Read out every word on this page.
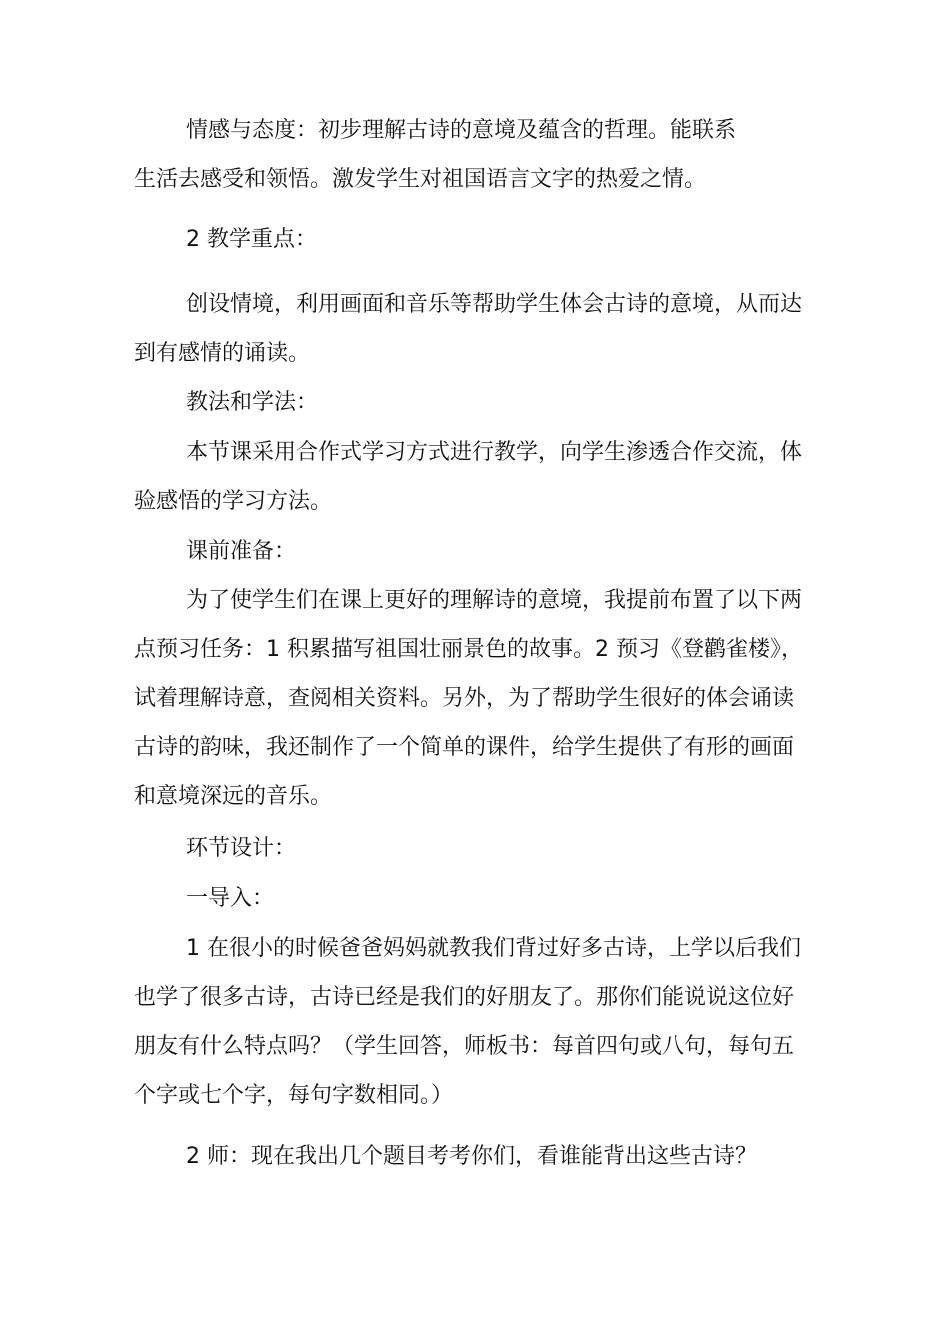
情感与态度：初步理解古诗的意境及蕴含的哲理。能联系
生活去感受和领悟。激发学生对祖国语言文字的热爱之情。
2 教学重点：
创设情境，利用画面和音乐等帮助学生体会古诗的意境，从而达
到有感情的诵读。
教法和学法：
本节课采用合作式学习方式进行教学，向学生渗透合作交流，体
验感悟的学习方法。
课前准备：
为了使学生们在课上更好的理解诗的意境，我提前布置了以下两
点预习任务：1 积累描写祖国壮丽景色的故事。2 预习《登鹳雀楼》，
试着理解诗意，查阅相关资料。另外，为了帮助学生很好的体会诵读
古诗的韵味，我还制作了一个简单的课件，给学生提供了有形的画面
和意境深远的音乐。
环节设计：
一导入：
1 在很小的时候爸爸妈妈就教我们背过好多古诗，上学以后我们
也学了很多古诗，古诗已经是我们的好朋友了。那你们能说说这位好
朋友有什么特点吗？（学生回答，师板书：每首四句或八句，每句五
个字或七个字，每句字数相同。）
2 师：现在我出几个题目考考你们，看谁能背出这些古诗？
